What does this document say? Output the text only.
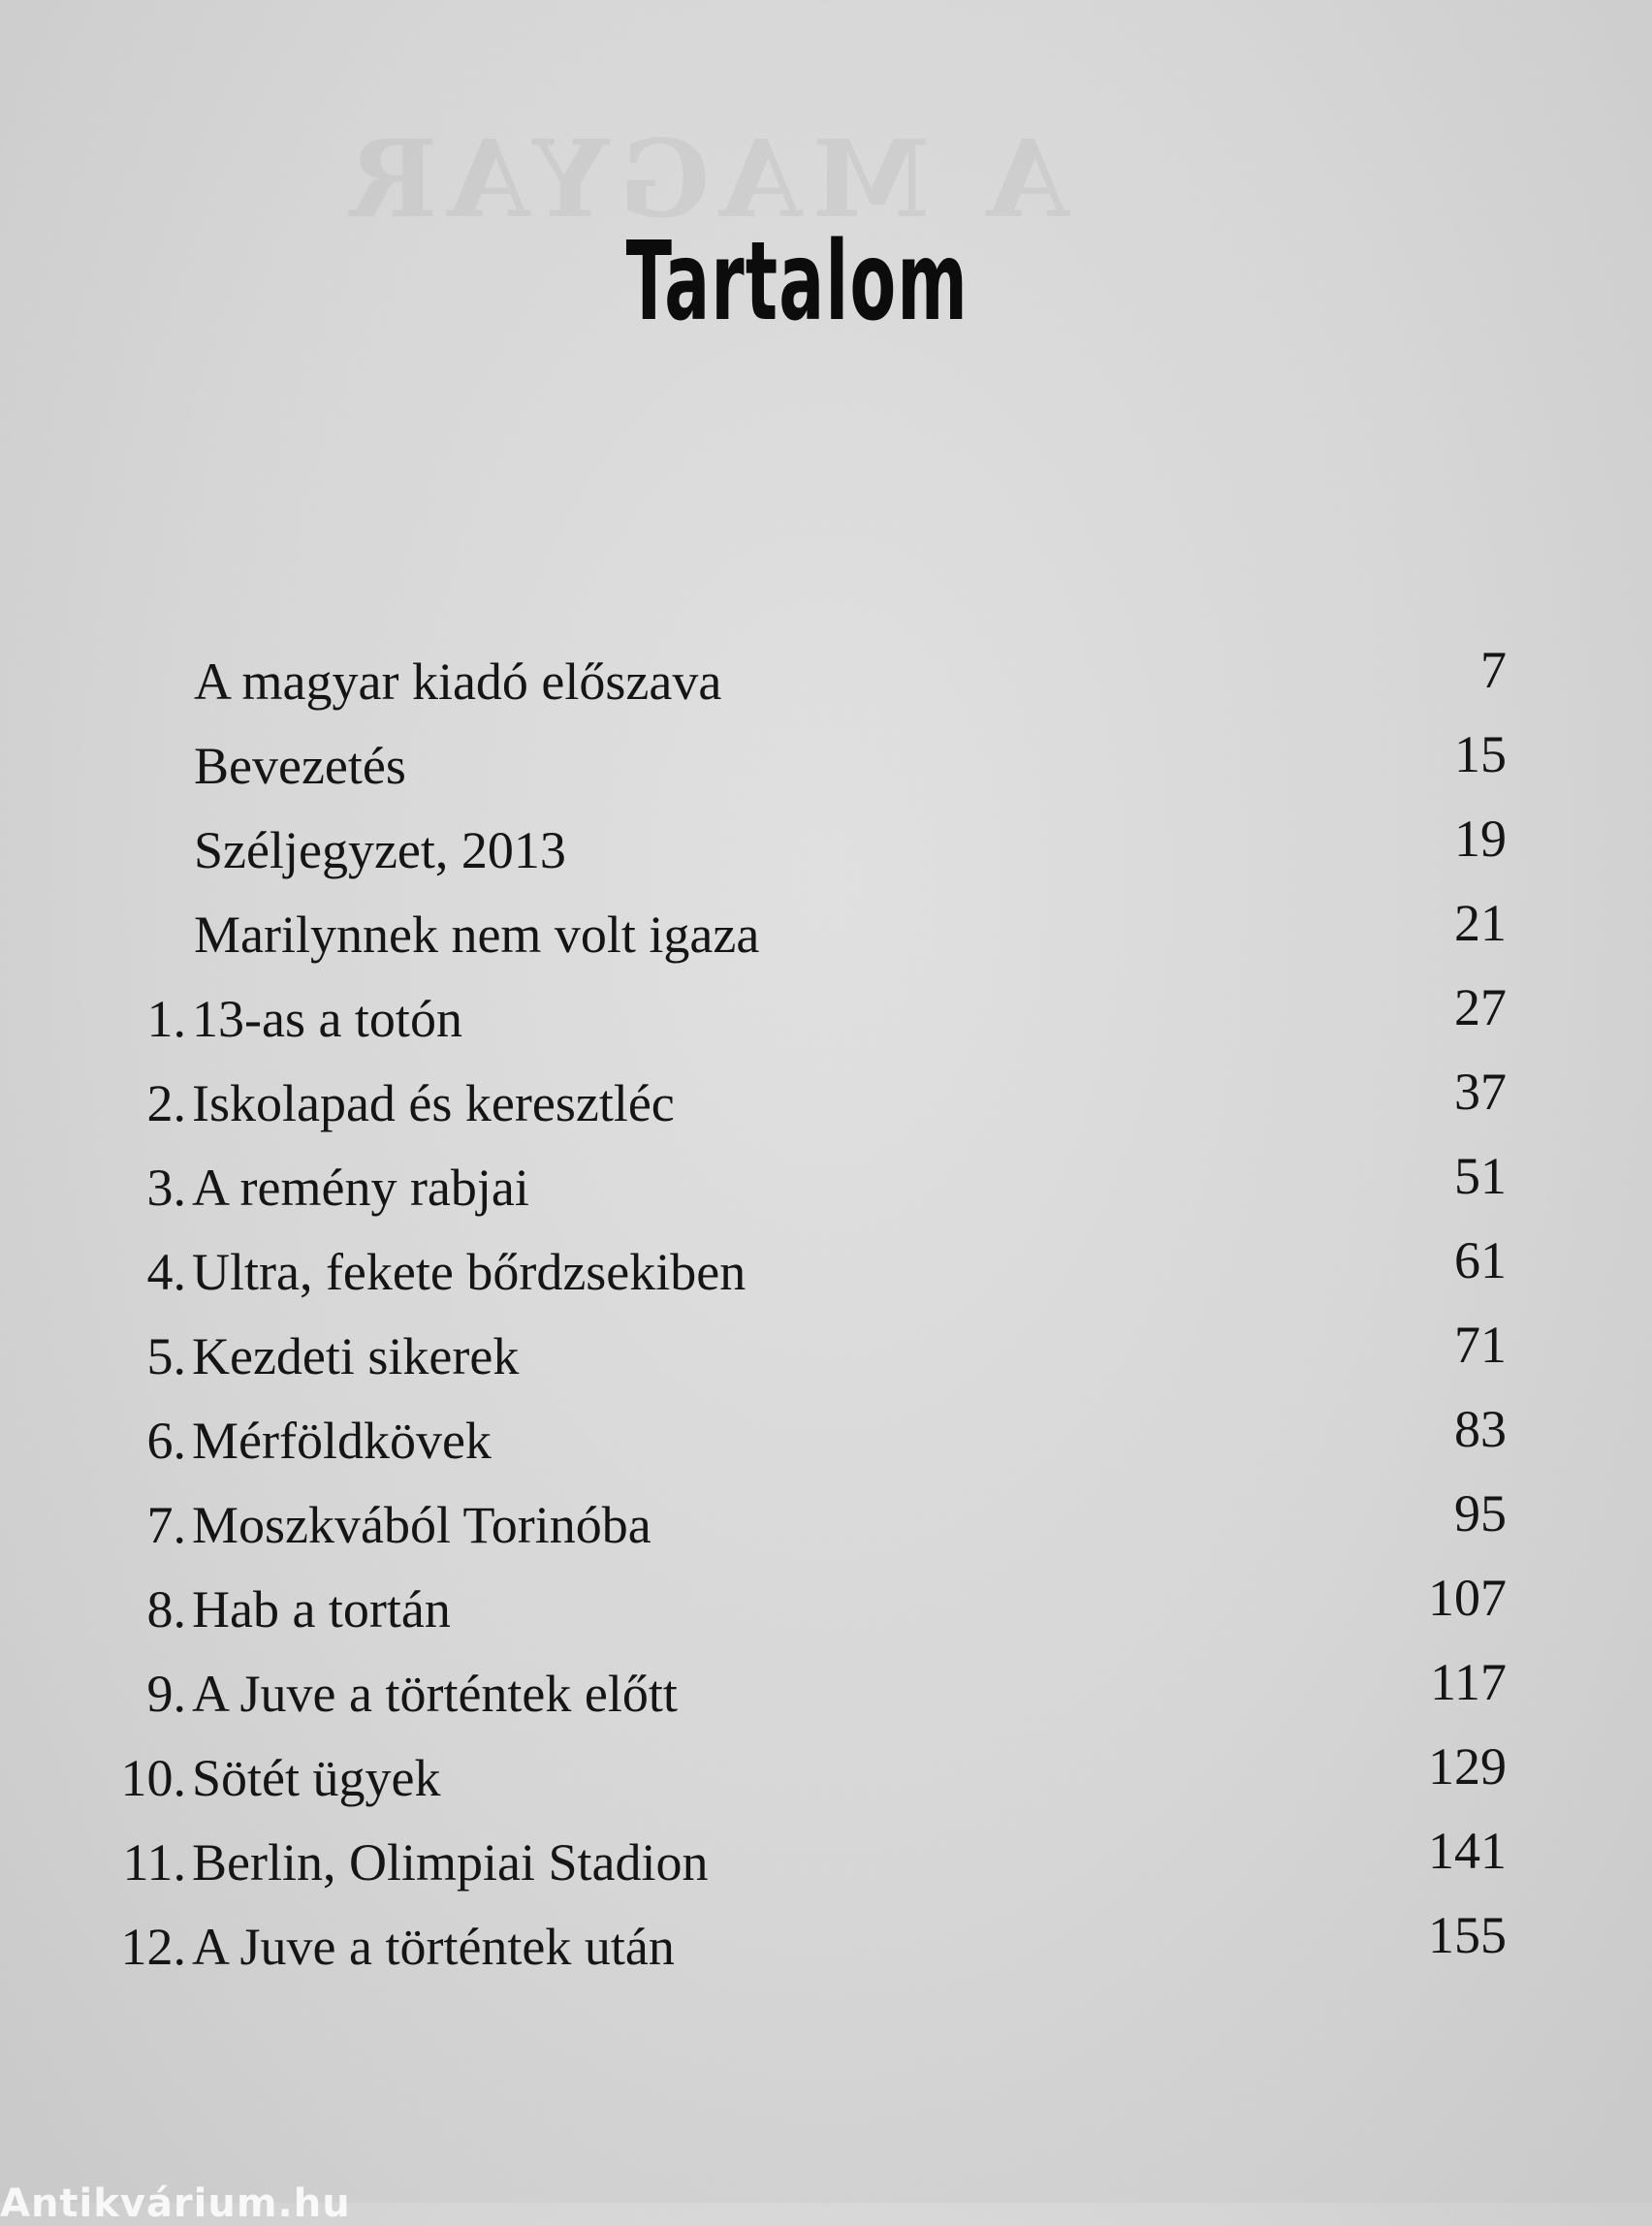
A MAGYAR
Tartalom
A magyar kiadó előszava	7
Bevezetés	15
Széljegyzet, 2013	19
Marilynnek nem volt igaza	21
1. 13-as a totón	27
2. Iskolapad és keresztléc	37
3. A remény rabjai	51
4. Ultra, fekete bőrdzsekiben	61
5. Kezdeti sikerek	71
6. Mérföldkövek	83
7. Moszkvából Torinóba	95
8. Hab a tortán	107
9. A Juve a történtek előtt	117
10. Sötét ügyek	129
11. Berlin, Olimpiai Stadion	141
12. A Juve a történtek után	155
Antikvárium.hu
